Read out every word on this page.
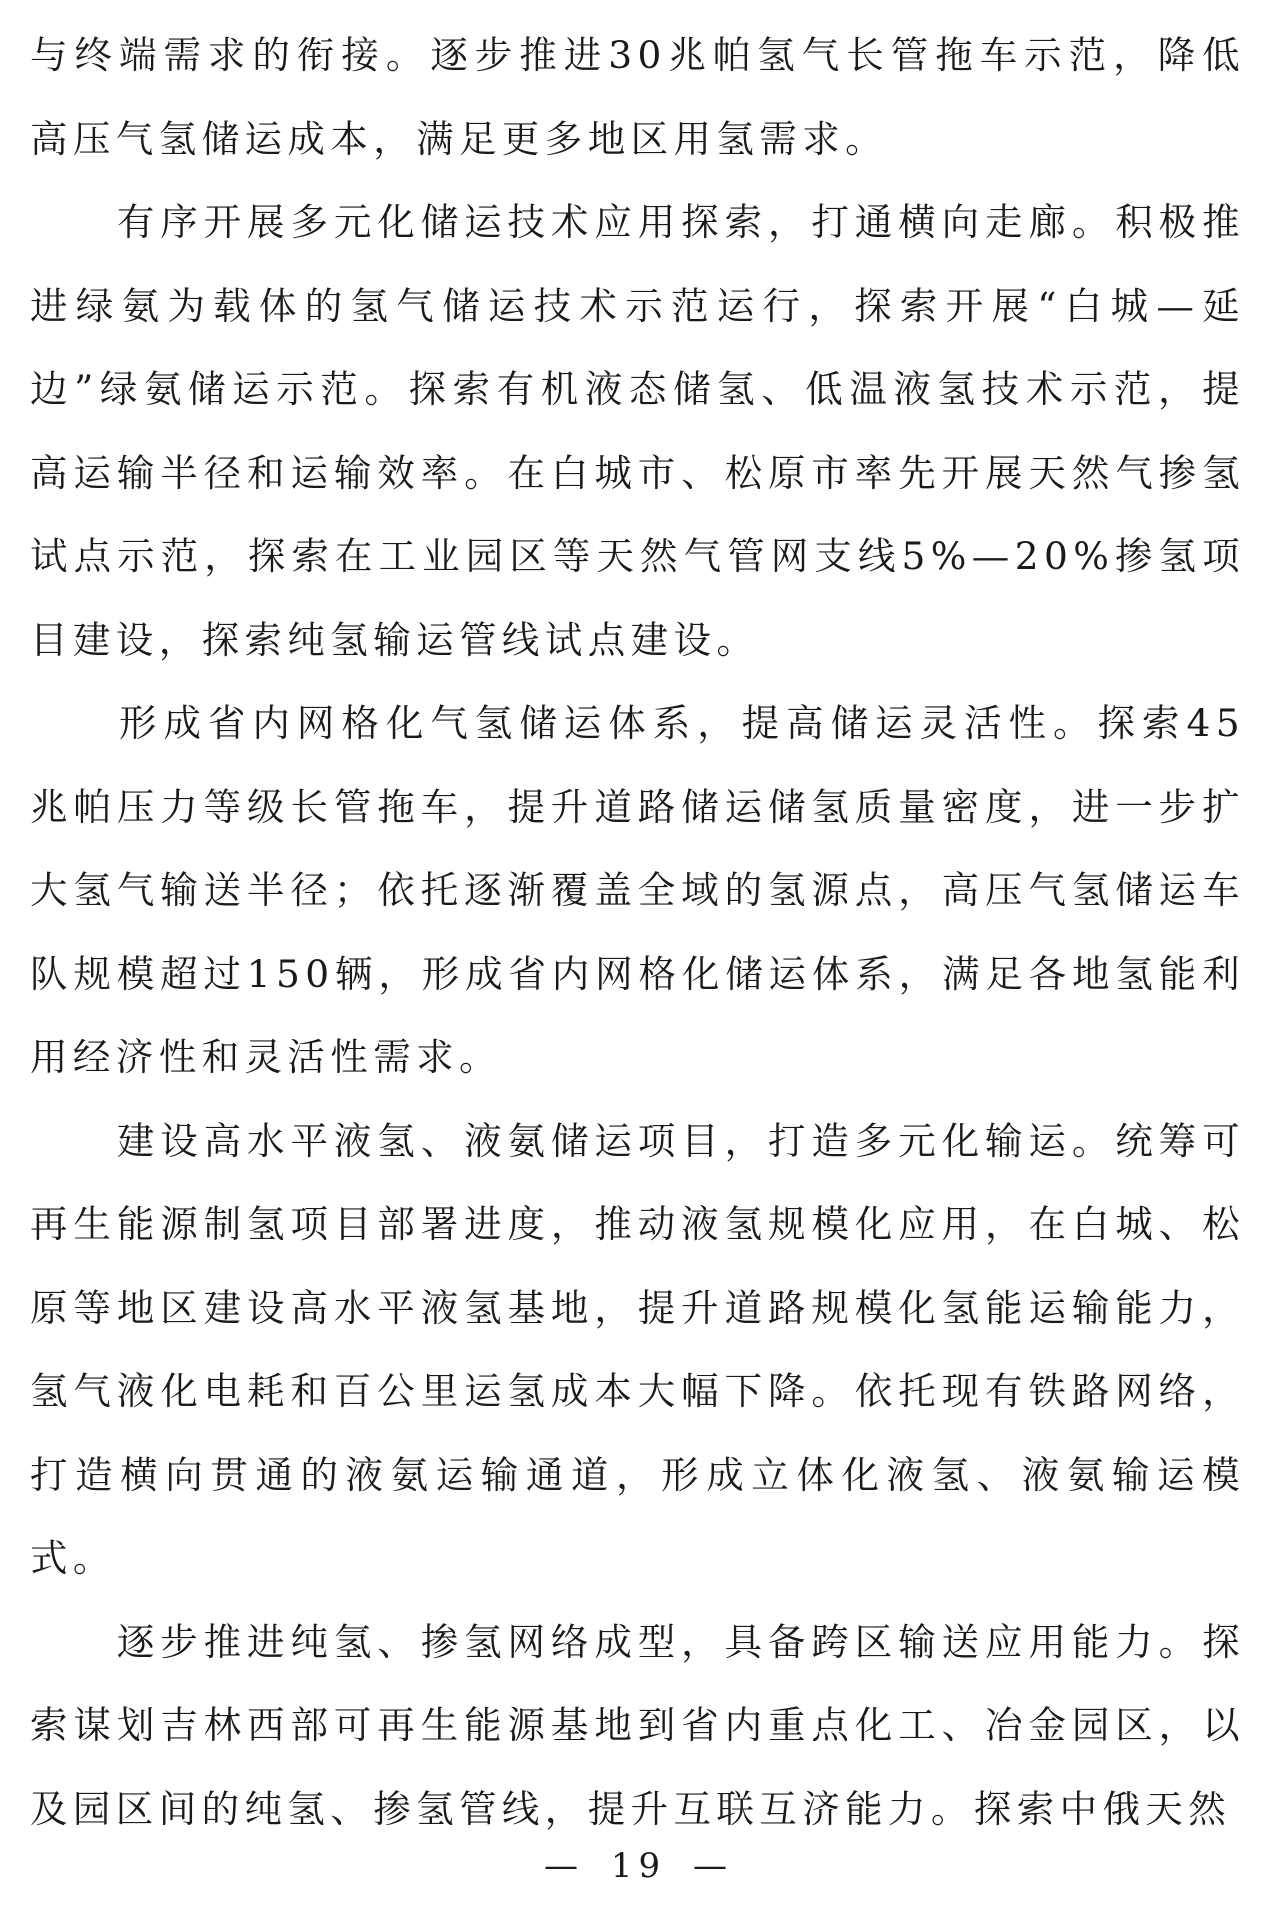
与终端需求的衔接。逐步推进30兆帕氢气长管拖车示范，降低高压气氢储运成本，满足更多地区用氢需求。

　　有序开展多元化储运技术应用探索，打通横向走廊。积极推进绿氨为载体的氢气储运技术示范运行，探索开展“白城—延边”绿氨储运示范。探索有机液态储氢、低温液氢技术示范，提高运输半径和运输效率。在白城市、松原市率先开展天然气掺氢试点示范，探索在工业园区等天然气管网支线5%—20%掺氢项目建设，探索纯氢输运管线试点建设。

　　形成省内网格化气氢储运体系，提高储运灵活性。探索45兆帕压力等级长管拖车，提升道路储运储氢质量密度，进一步扩大氢气输送半径；依托逐渐覆盖全域的氢源点，高压气氢储运车队规模超过150辆，形成省内网格化储运体系，满足各地氢能利用经济性和灵活性需求。

　　建设高水平液氢、液氨储运项目，打造多元化输运。统筹可再生能源制氢项目部署进度，推动液氢规模化应用，在白城、松原等地区建设高水平液氢基地，提升道路规模化氢能运输能力，氢气液化电耗和百公里运氢成本大幅下降。依托现有铁路网络，打造横向贯通的液氨运输通道，形成立体化液氢、液氨输运模式。

　　逐步推进纯氢、掺氢网络成型，具备跨区输送应用能力。探索谋划吉林西部可再生能源基地到省内重点化工、冶金园区，以及园区间的纯氢、掺氢管线，提升互联互济能力。探索中俄天然

— 19 —
